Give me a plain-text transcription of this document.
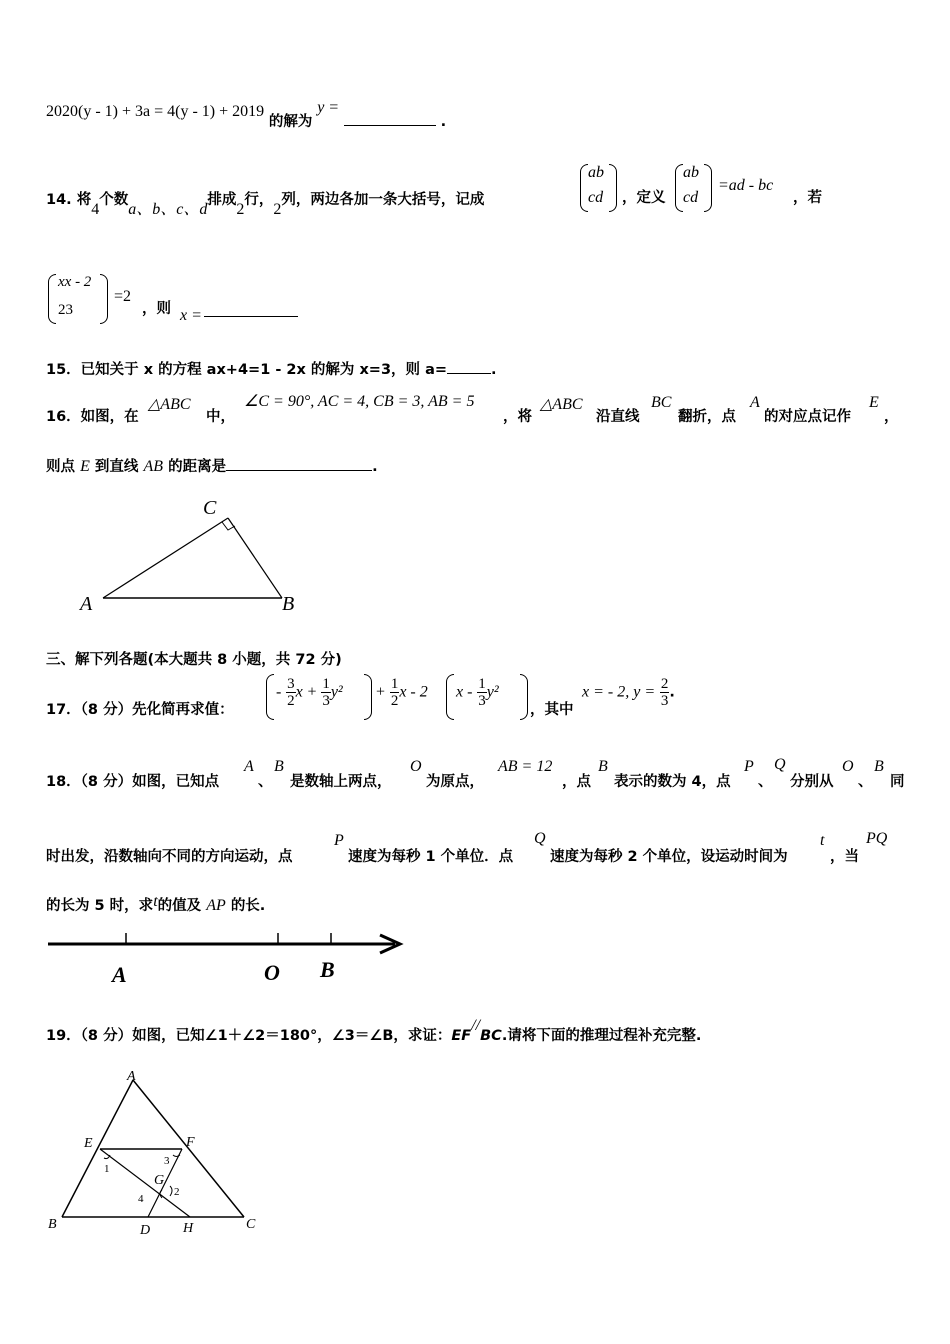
2020(y - 1) + 3a = 4(y - 1) + 2019 的解为 y =  .
14. 将4个数a、b、c、d排成2行，2列，两边各加一条大括号，记成
ab
cd ，定义
ab
cd
=ad - bc
，若
xx - 2
23
=2
，则 x =
15．已知关于 x 的方程 ax+4=1 - 2x 的解为 x=3，则 a=	.
16．如图，在
△ABC
中，
∠C = 90°, AC = 4, CB = 3, AB = 5
，将
△ABC
沿直线
BC
翻折，点
A
的对应点记作
E
，
则点 E 到直线 AB 的距离是	.
A	B
C
三、解下列各题(本大题共 8 小题，共 72 分)
17．（8 分）先化简再求值：
- $\frac{3}{2}$ $x + \frac{1}{3} y^2 + \frac{1}{2}$ x - 2 x - $\frac{1}{3} y^2$
，其中
x = - 2, $y = \frac{2}{3}$ .
18．（8 分）如图，已知点
A
、
B
是数轴上两点，
O
为原点，
AB = 12
，点
B
表示的数为 4，点
P
、
Q
分别从
O
、
B
同
时出发，沿数轴向不同的方向运动，点
P
速度为每秒 1 个单位．点
Q
速度为每秒 2 个单位，设运动时间为
t
，当
PQ
的长为 5 时，求t的值及 AP 的长.
A	O B
19．（8 分）如图，已知∠1＋∠2＝180°，∠3＝∠B，求证：EF//BC.请将下面的推理过程补充完整.
A
B	C
D
E	F
G
H
1
2
3
4
